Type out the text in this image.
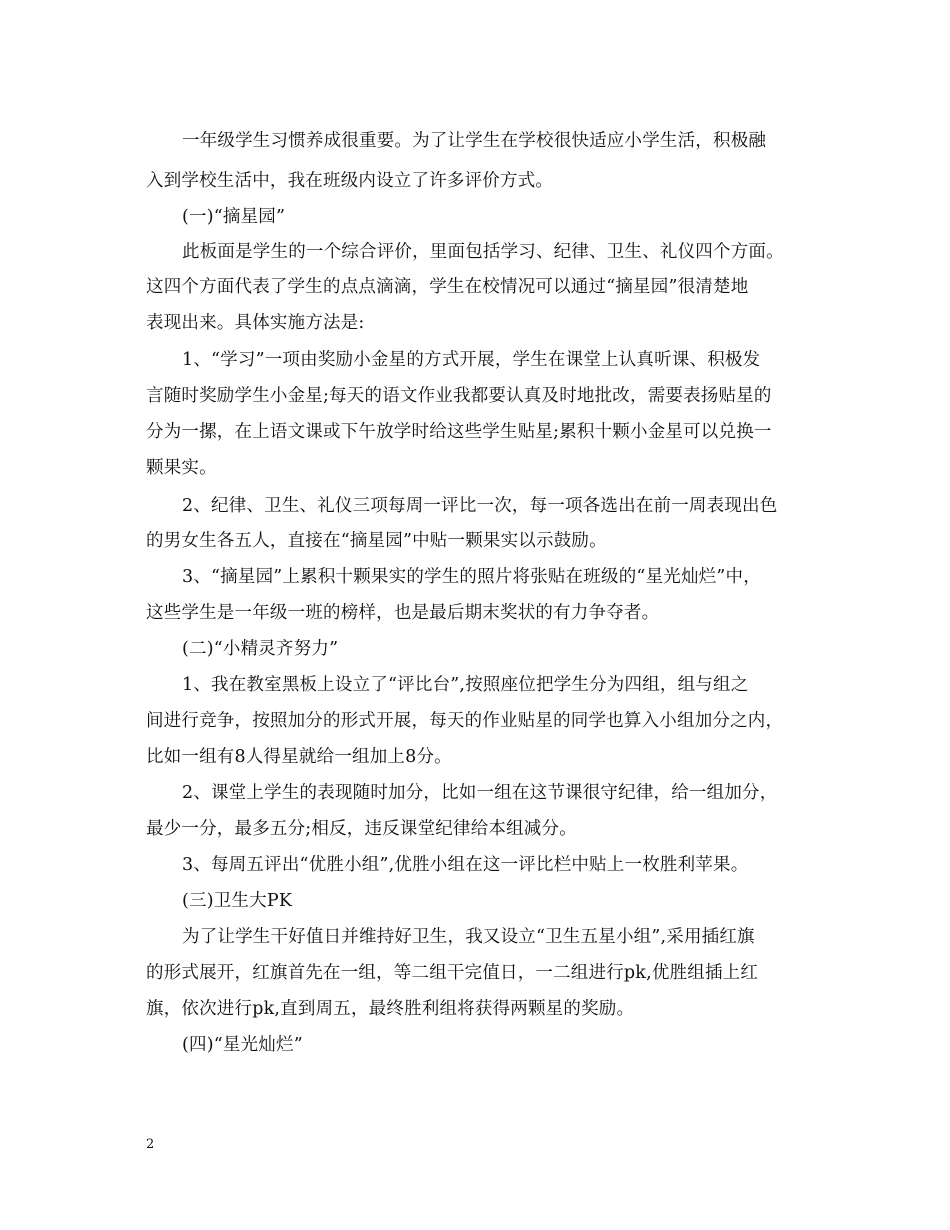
一年级学生习惯养成很重要。为了让学生在学校很快适应小学生活，积极融
入到学校生活中，我在班级内设立了许多评价方式。
(一)“摘星园”
此板面是学生的一个综合评价，里面包括学习、纪律、卫生、礼仪四个方面。
这四个方面代表了学生的点点滴滴，学生在校情况可以通过“摘星园”很清楚地
表现出来。具体实施方法是:
1、“学习”一项由奖励小金星的方式开展，学生在课堂上认真听课、积极发
言随时奖励学生小金星;每天的语文作业我都要认真及时地批改，需要表扬贴星的
分为一摞，在上语文课或下午放学时给这些学生贴星;累积十颗小金星可以兑换一
颗果实。
2、纪律、卫生、礼仪三项每周一评比一次，每一项各选出在前一周表现出色
的男女生各五人，直接在“摘星园”中贴一颗果实以示鼓励。
3、“摘星园”上累积十颗果实的学生的照片将张贴在班级的“星光灿烂”中，
这些学生是一年级一班的榜样，也是最后期末奖状的有力争夺者。
(二)“小精灵齐努力”
1、我在教室黑板上设立了“评比台”,按照座位把学生分为四组，组与组之
间进行竞争，按照加分的形式开展，每天的作业贴星的同学也算入小组加分之内，
比如一组有8人得星就给一组加上8分。
2、课堂上学生的表现随时加分，比如一组在这节课很守纪律，给一组加分，
最少一分，最多五分;相反，违反课堂纪律给本组减分。
3、每周五评出“优胜小组”,优胜小组在这一评比栏中贴上一枚胜利苹果。
(三)卫生大PK
为了让学生干好值日并维持好卫生，我又设立“卫生五星小组”,采用插红旗
的形式展开，红旗首先在一组，等二组干完值日，一二组进行pk,优胜组插上红
旗，依次进行pk,直到周五，最终胜利组将获得两颗星的奖励。
(四)“星光灿烂”
2
